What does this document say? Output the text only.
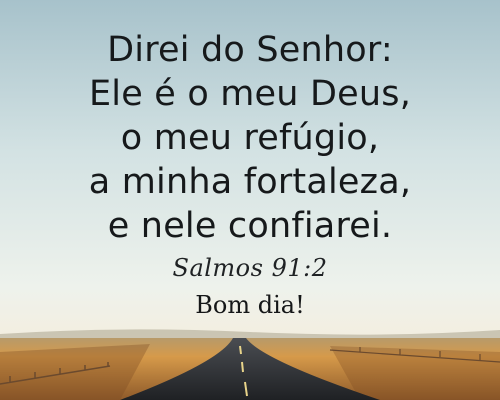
Direi do Senhor:
Ele é o meu Deus,
o meu refúgio,
a minha fortaleza,
e nele confiarei.
Salmos 91:2
Bom dia!
